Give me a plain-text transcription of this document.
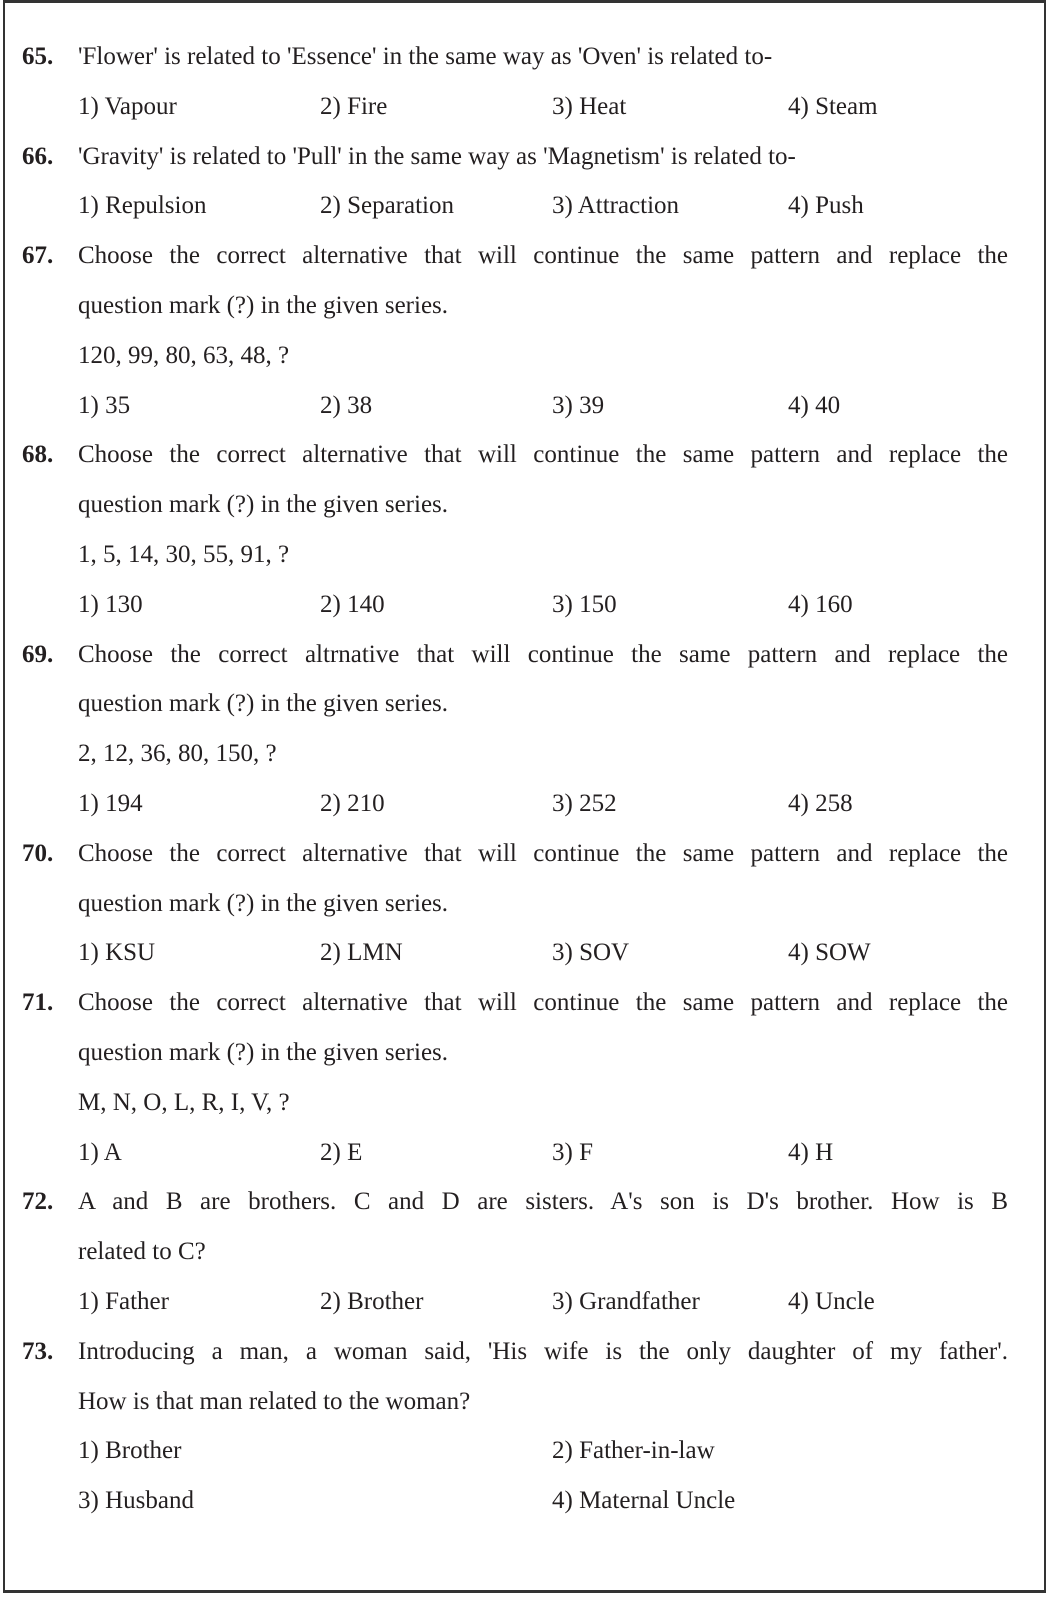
65. 'Flower' is related to 'Essence' in the same way as 'Oven' is related to-
1) Vapour	2) Fire	3) Heat	4) Steam
66. 'Gravity' is related to 'Pull' in the same way as 'Magnetism' is related to-
1) Repulsion	2) Separation	3) Attraction	4) Push
67. Choose the correct alternative that will continue the same pattern and replace the
question mark (?) in the given series.
120, 99, 80, 63, 48, ?
1) 35	2) 38	3) 39	4) 40
68. Choose the correct alternative that will continue the same pattern and replace the
question mark (?) in the given series.
1, 5, 14, 30, 55, 91, ?
1) 130	2) 140	3) 150	4) 160
69. Choose the correct altrnative that will continue the same pattern and replace the
question mark (?) in the given series.
2, 12, 36, 80, 150, ?
1) 194	2) 210	3) 252	4) 258
70. Choose the correct alternative that will continue the same pattern and replace the
question mark (?) in the given series.
1) KSU	2) LMN	3) SOV	4) SOW
71. Choose the correct alternative that will continue the same pattern and replace the
question mark (?) in the given series.
M, N, O, L, R, I, V, ?
1) A	2) E	3) F	4) H
72. A and B are brothers. C and D are sisters. A's son is D's brother. How is B
related to C?
1) Father	2) Brother	3) Grandfather	4) Uncle
73. Introducing a man, a woman said, 'His wife is the only daughter of my father'.
How is that man related to the woman?
1) Brother	2) Father-in-law
3) Husband	4) Maternal Uncle
